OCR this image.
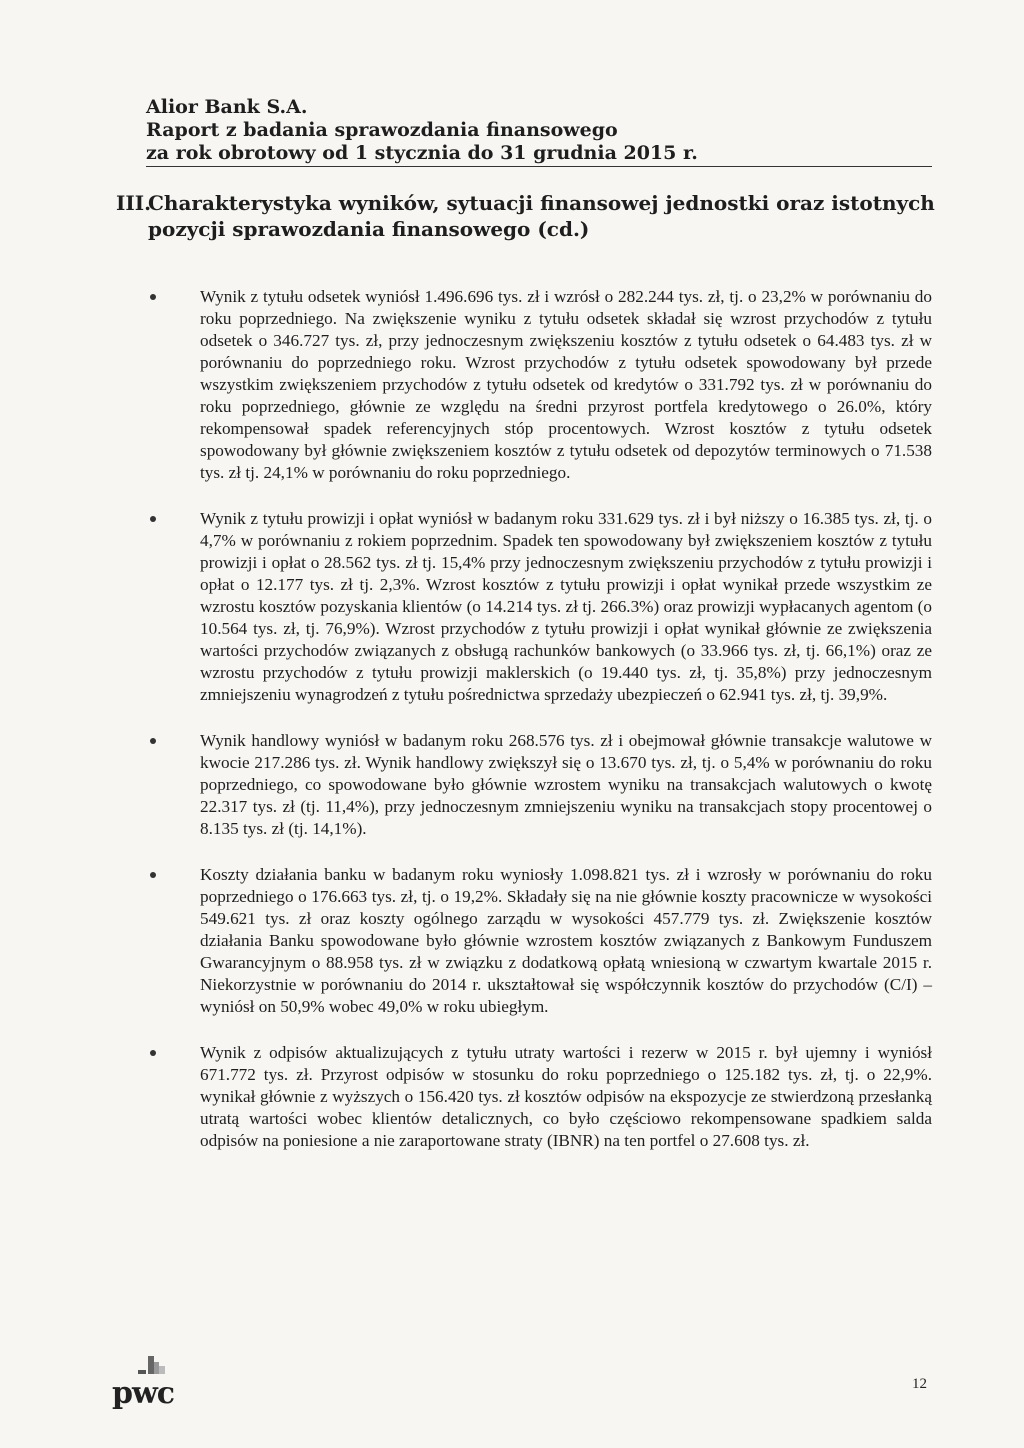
Alior Bank S.A.
Raport z badania sprawozdania finansowego
za rok obrotowy od 1 stycznia do 31 grudnia 2015 r.
III.
Charakterystyka wyników, sytuacji finansowej jednostki oraz istotnych pozycji sprawozdania finansowego (cd.)
Wynik z tytułu odsetek wyniósł 1.496.696 tys. zł i wzrósł o 282.244 tys. zł, tj. o 23,2% w porównaniu do roku poprzedniego. Na zwiększenie wyniku z tytułu odsetek składał się wzrost przychodów z tytułu odsetek o 346.727 tys. zł, przy jednoczesnym zwiększeniu kosztów z tytułu odsetek o 64.483 tys. zł w porównaniu do poprzedniego roku. Wzrost przychodów z tytułu odsetek spowodowany był przede wszystkim zwiększeniem przychodów z tytułu odsetek od kredytów o 331.792 tys. zł w porównaniu do roku poprzedniego, głównie ze względu na średni przyrost portfela kredytowego o 26.0%, który rekompensował spadek referencyjnych stóp procentowych. Wzrost kosztów z tytułu odsetek spowodowany był głównie zwiększeniem kosztów z tytułu odsetek od depozytów terminowych o 71.538 tys. zł tj. 24,1% w porównaniu do roku poprzedniego.
Wynik z tytułu prowizji i opłat wyniósł w badanym roku 331.629 tys. zł i był niższy o 16.385 tys. zł, tj. o 4,7% w porównaniu z rokiem poprzednim. Spadek ten spowodowany był zwiększeniem kosztów z tytułu prowizji i opłat o 28.562 tys. zł tj. 15,4% przy jednoczesnym zwiększeniu przychodów z tytułu prowizji i opłat o 12.177 tys. zł tj. 2,3%. Wzrost kosztów z tytułu prowizji i opłat wynikał przede wszystkim ze wzrostu kosztów pozyskania klientów (o 14.214 tys. zł tj. 266.3%) oraz prowizji wypłacanych agentom (o 10.564 tys. zł, tj. 76,9%). Wzrost przychodów z tytułu prowizji i opłat wynikał głównie ze zwiększenia wartości przychodów związanych z obsługą rachunków bankowych (o 33.966 tys. zł, tj. 66,1%) oraz ze wzrostu przychodów z tytułu prowizji maklerskich (o 19.440 tys. zł, tj. 35,8%) przy jednoczesnym zmniejszeniu wynagrodzeń z tytułu pośrednictwa sprzedaży ubezpieczeń o 62.941 tys. zł, tj. 39,9%.
Wynik handlowy wyniósł w badanym roku 268.576 tys. zł i obejmował głównie transakcje walutowe w kwocie 217.286 tys. zł. Wynik handlowy zwiększył się o 13.670 tys. zł, tj. o 5,4% w porównaniu do roku poprzedniego, co spowodowane było głównie wzrostem wyniku na transakcjach walutowych o kwotę 22.317 tys. zł (tj. 11,4%), przy jednoczesnym zmniejszeniu wyniku na transakcjach stopy procentowej o 8.135 tys. zł (tj. 14,1%).
Koszty działania banku w badanym roku wyniosły 1.098.821 tys. zł i wzrosły w porównaniu do roku poprzedniego o 176.663 tys. zł, tj. o 19,2%. Składały się na nie głównie koszty pracownicze w wysokości 549.621 tys. zł oraz koszty ogólnego zarządu w wysokości 457.779 tys. zł. Zwiększenie kosztów działania Banku spowodowane było głównie wzrostem kosztów związanych z Bankowym Funduszem Gwarancyjnym o 88.958 tys. zł w związku z dodatkową opłatą wniesioną w czwartym kwartale 2015 r. Niekorzystnie w porównaniu do 2014 r. ukształtował się współczynnik kosztów do przychodów (C/I) – wyniósł on 50,9% wobec 49,0% w roku ubiegłym.
Wynik z odpisów aktualizujących z tytułu utraty wartości i rezerw w 2015 r. był ujemny i wyniósł 671.772 tys. zł. Przyrost odpisów w stosunku do roku poprzedniego o 125.182 tys. zł, tj. o 22,9%. wynikał głównie z wyższych o 156.420 tys. zł kosztów odpisów na ekspozycje ze stwierdzoną przesłanką utratą wartości wobec klientów detalicznych, co było częściowo rekompensowane spadkiem salda odpisów na poniesione a nie zaraportowane straty (IBNR) na ten portfel o 27.608 tys. zł.
pwc	12
